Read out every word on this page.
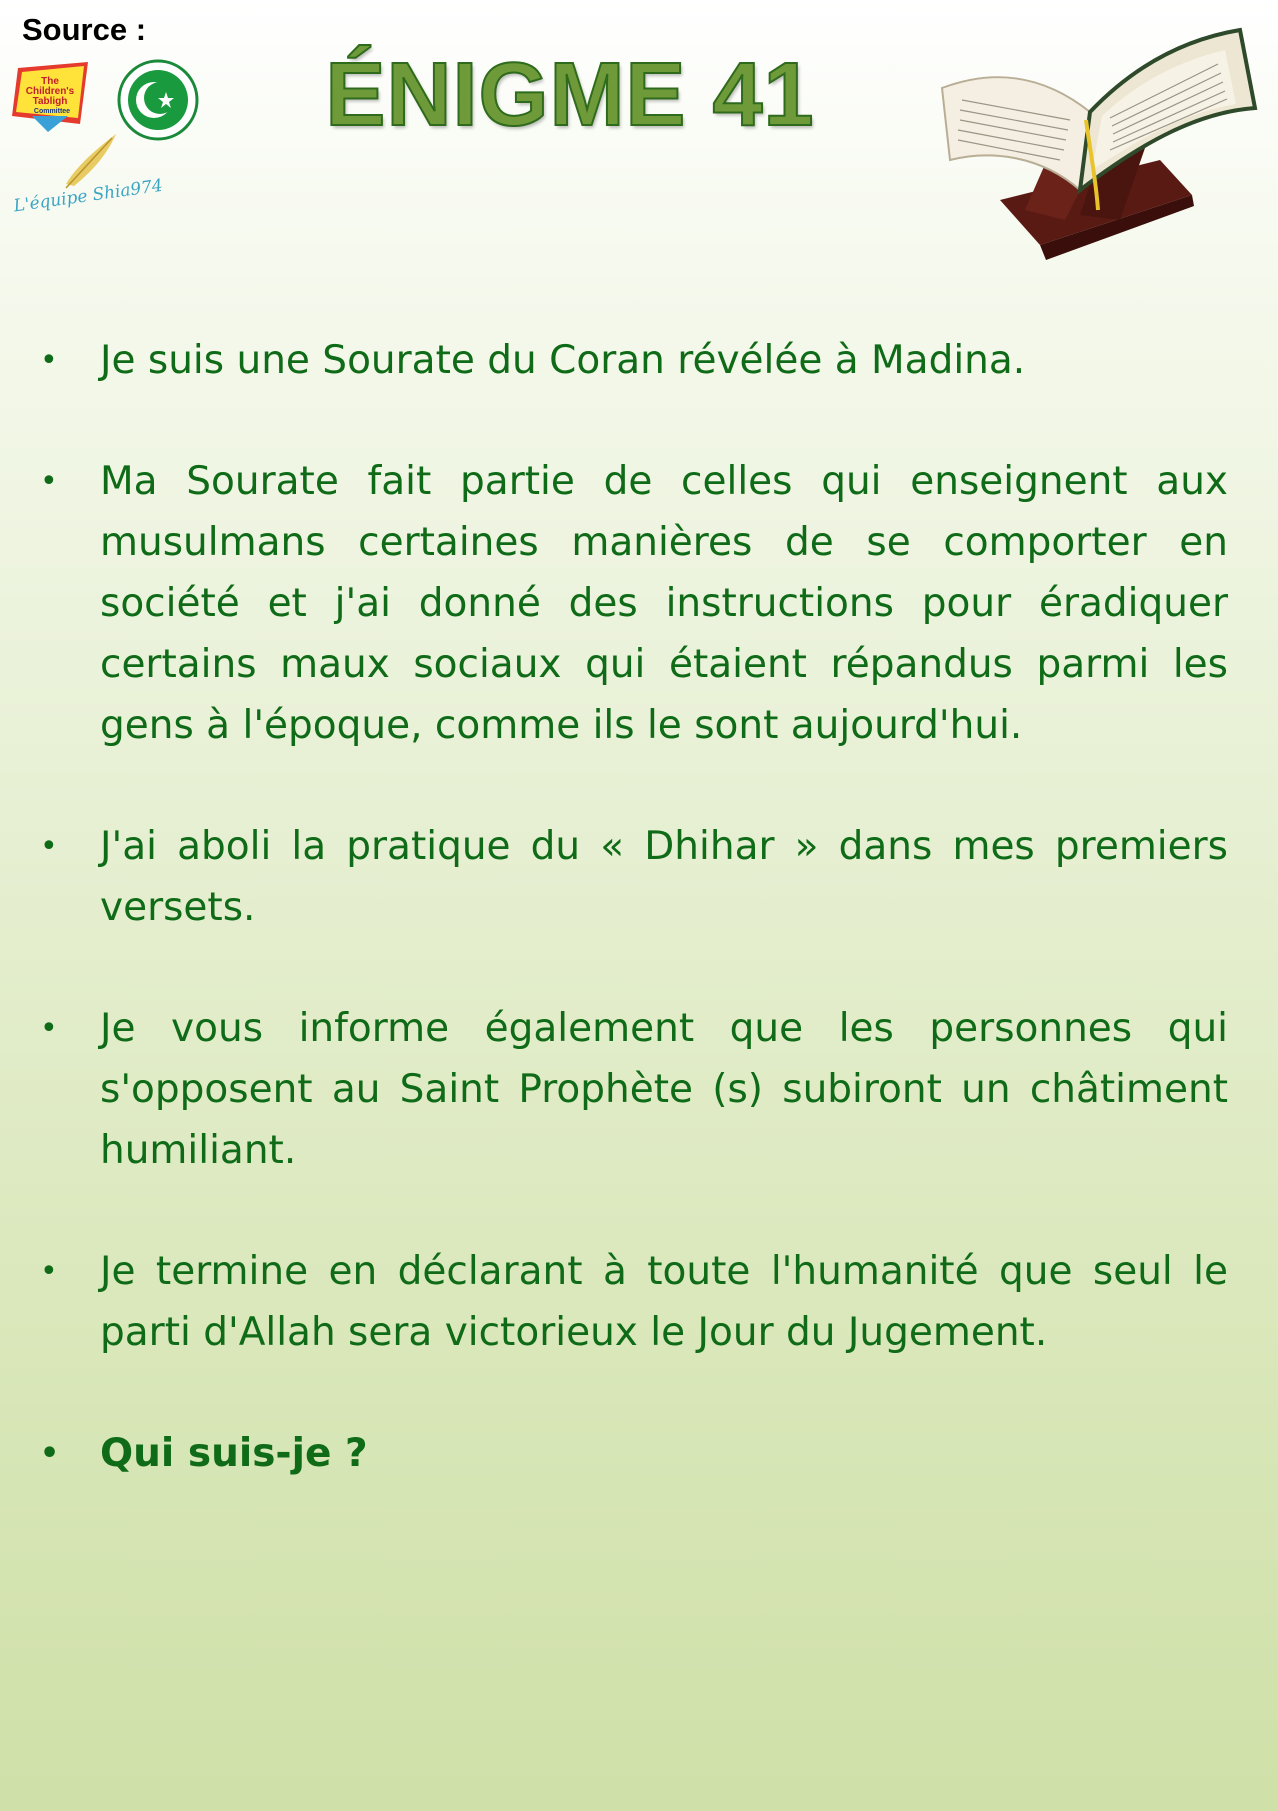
Source :
The
Children's
Tabligh
Committee
L'équipe Shia974
ÉNIGME 41
• Je suis une Sourate du Coran révélée à Madina.
• Ma Sourate fait partie de celles qui enseignent aux musulmans certaines manières de se comporter en société et j'ai donné des instructions pour éradiquer certains maux sociaux qui étaient répandus parmi les gens à l'époque, comme ils le sont aujourd'hui.
• J'ai aboli la pratique du « Dhihar » dans mes premiers versets.
• Je vous informe également que les personnes qui s'opposent au Saint Prophète (s) subiront un châtiment humiliant.
• Je termine en déclarant à toute l'humanité que seul le parti d'Allah sera victorieux le Jour du Jugement.
• Qui suis-je ?
